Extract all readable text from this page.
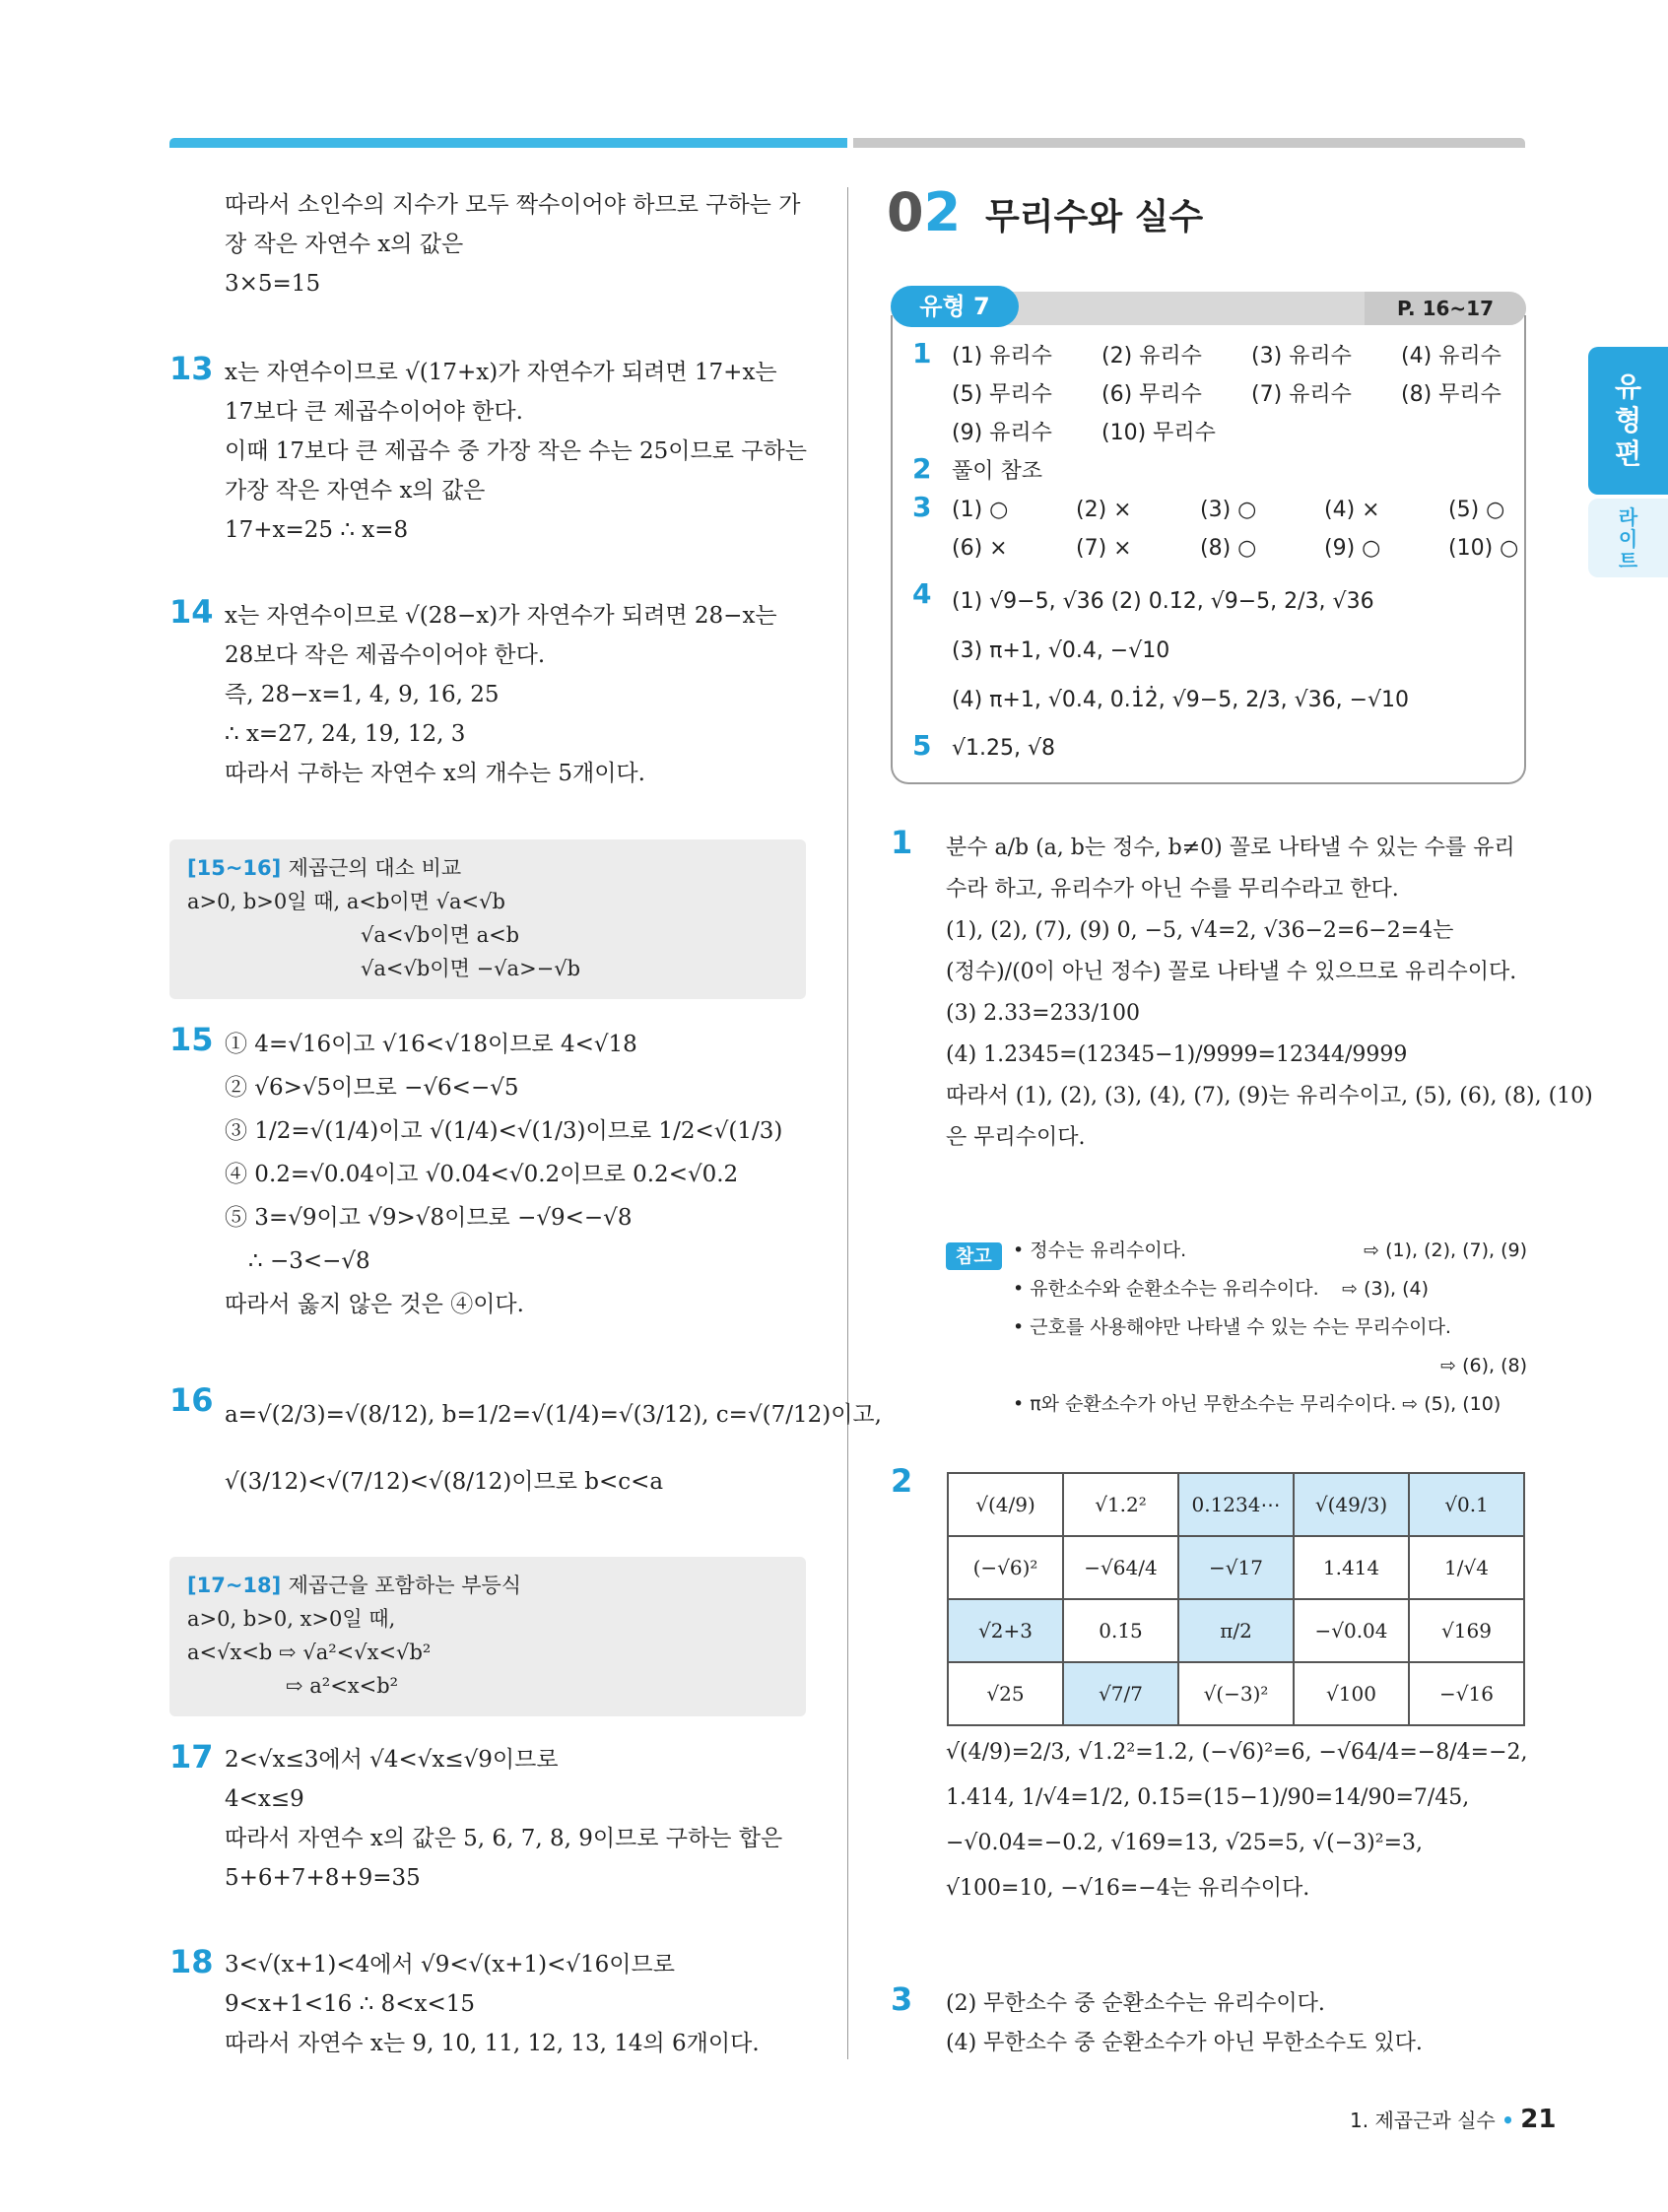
따라서 소인수의 지수가 모두 짝수이어야 하므로 구하는 가
장 작은 자연수 x의 값은
3×5=15
13 x는 자연수이므로 √(17+x)가 자연수가 되려면 17+x는
17보다 큰 제곱수이어야 한다.
이때 17보다 큰 제곱수 중 가장 작은 수는 25이므로 구하는
가장 작은 자연수 x의 값은
17+x=25 ∴ x=8
14 x는 자연수이므로 √(28−x)가 자연수가 되려면 28−x는
28보다 작은 제곱수이어야 한다.
즉, 28−x=1, 4, 9, 16, 25
∴ x=27, 24, 19, 12, 3
따라서 구하는 자연수 x의 개수는 5개이다.
[15~16] 제곱근의 대소 비교
a>0, b>0일 때, a<b이면 √a<√b
√a<√b이면 a<b
√a<√b이면 −√a>−√b
15 ① 4=√16이고 √16<√18이므로 4<√18
② √6>√5이므로 −√6<−√5
③ 1/2=√(1/4)이고 √(1/4)<√(1/3)이므로 1/2<√(1/3)
④ 0.2=√0.04이고 √0.04<√0.2이므로 0.2<√0.2
⑤ 3=√9이고 √9>√8이므로 −√9<−√8
∴ −3<−√8
따라서 옳지 않은 것은 ④이다.
16 a=√(2/3)=√(8/12), b=1/2=√(1/4)=√(3/12), c=√(7/12)이고,
√(3/12)<√(7/12)<√(8/12)이므로 b<c<a
[17~18] 제곱근을 포함하는 부등식
a>0, b>0, x>0일 때,
a<√x<b ⇨ √a²<√x<√b²
⇨ a²<x<b²
17 2<√x≤3에서 √4<√x≤√9이므로
4<x≤9
따라서 자연수 x의 값은 5, 6, 7, 8, 9이므로 구하는 합은
5+6+7+8+9=35
18 3<√(x+1)<4에서 √9<√(x+1)<√16이므로
9<x+1<16 ∴ 8<x<15
따라서 자연수 x는 9, 10, 11, 12, 13, 14의 6개이다.
02 무리수와 실수
유형 7	P. 16~17
1 (1) 유리수 (2) 유리수 (3) 유리수 (4) 유리수
(5) 무리수 (6) 무리수 (7) 유리수 (8) 무리수
(9) 유리수 (10) 무리수
2 풀이 참조
3 (1) ○	(2) ×	(3) ○	(4) ×	(5) ○
(6) ×	(7) ×	(8) ○	(9) ○	(10) ○
4 (1) √9−5, √36 (2) 0.1̇2̇, √9−5, 2/3, √36
(3) π+1, √0.4, −√10
(4) π+1, √0.4, 0.1̇2̇, √9−5, 2/3, √36, −√10
5 √1.25, √8
유형편
라이트
1 분수 a/b (a, b는 정수, b≠0) 꼴로 나타낼 수 있는 수를 유리
수라 하고, 유리수가 아닌 수를 무리수라고 한다.
(1), (2), (7), (9) 0, −5, √4=2, √36−2=6−2=4는
(정수)/(0이 아닌 정수) 꼴로 나타낼 수 있으므로 유리수이다.
(3) 2.33=233/100
(4) 1.2̇34̇5=(12345−1)/9999=12344/9999
따라서 (1), (2), (3), (4), (7), (9)는 유리수이고, (5), (6), (8), (10)
은 무리수이다.
참고	• 정수는 유리수이다.	⇨ (1), (2), (7), (9)
• 유한소수와 순환소수는 유리수이다. ⇨ (3), (4)
• 근호를 사용해야만 나타낼 수 있는 수는 무리수이다.
⇨ (6), (8)
• π와 순환소수가 아닌 무한소수는 무리수이다. ⇨ (5), (10)
2
√(4/9)	√1.2²	0.1234⋯	√(49/3)	√0.1
(−√6)²	−√64/4	−√17	1.414	1/√4
√2+3	0.1̇5	π/2	−√0.04	√169
√25	√7/7	√(−3)²	√100	−√16
√(4/9)=2/3, √1.2²=1.2, (−√6)²=6, −√64/4=−8/4=−2,
1.414, 1/√4=1/2, 0.1̇5=(15−1)/90=14/90=7/45,
−√0.04=−0.2, √169=13, √25=5, √(−3)²=3,
√100=10, −√16=−4는 유리수이다.
3 (2) 무한소수 중 순환소수는 유리수이다.
(4) 무한소수 중 순환소수가 아닌 무한소수도 있다.
1. 제곱근과 실수 • 21
